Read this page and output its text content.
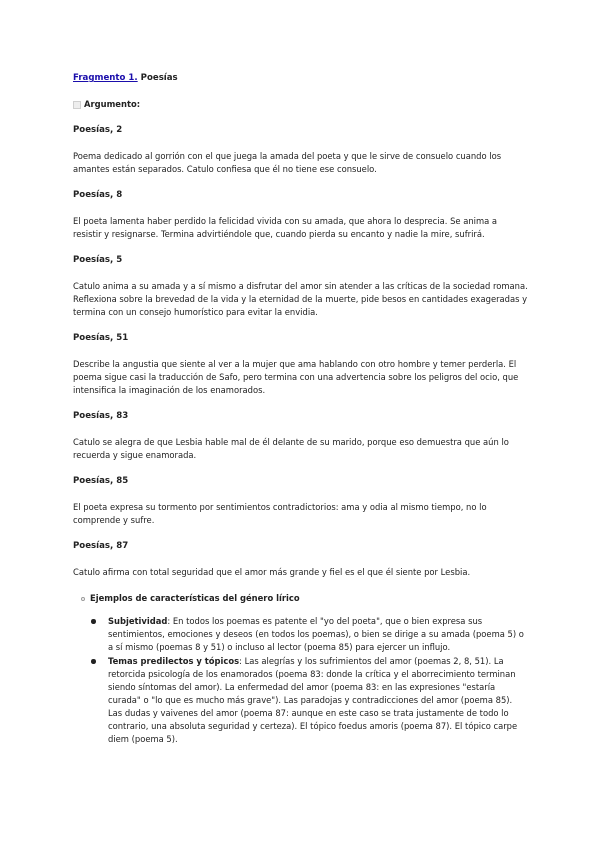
Fragmento 1. Poesías
Argumento:
Poesías, 2
Poema dedicado al gorrión con el que juega la amada del poeta y que le sirve de consuelo cuando los amantes están separados. Catulo confiesa que él no tiene ese consuelo.
Poesías, 8
El poeta lamenta haber perdido la felicidad vivida con su amada, que ahora lo desprecia. Se anima a resistir y resignarse. Termina advirtiéndole que, cuando pierda su encanto y nadie la mire, sufrirá.
Poesías, 5
Catulo anima a su amada y a sí mismo a disfrutar del amor sin atender a las críticas de la sociedad romana. Reflexiona sobre la brevedad de la vida y la eternidad de la muerte, pide besos en cantidades exageradas y termina con un consejo humorístico para evitar la envidia.
Poesías, 51
Describe la angustia que siente al ver a la mujer que ama hablando con otro hombre y temer perderla. El poema sigue casi la traducción de Safo, pero termina con una advertencia sobre los peligros del ocio, que intensifica la imaginación de los enamorados.
Poesías, 83
Catulo se alegra de que Lesbia hable mal de él delante de su marido, porque eso demuestra que aún lo recuerda y sigue enamorada.
Poesías, 85
El poeta expresa su tormento por sentimientos contradictorios: ama y odia al mismo tiempo, no lo comprende y sufre.
Poesías, 87
Catulo afirma con total seguridad que el amor más grande y fiel es el que él siente por Lesbia.
Ejemplos de características del género lírico
Subjetividad: En todos los poemas es patente el "yo del poeta", que o bien expresa sus sentimientos, emociones y deseos (en todos los poemas), o bien se dirige a su amada (poema 5) o a sí mismo (poemas 8 y 51) o incluso al lector (poema 85) para ejercer un influjo.
Temas predilectos y tópicos: Las alegrías y los sufrimientos del amor (poemas 2, 8, 51). La retorcida psicología de los enamorados (poema 83: donde la crítica y el aborrecimiento terminan siendo síntomas del amor). La enfermedad del amor (poema 83: en las expresiones "estaría curada" o "lo que es mucho más grave"). Las paradojas y contradicciones del amor (poema 85). Las dudas y vaivenes del amor (poema 87: aunque en este caso se trata justamente de todo lo contrario, una absoluta seguridad y certeza). El tópico foedus amoris (poema 87). El tópico carpe diem (poema 5).
